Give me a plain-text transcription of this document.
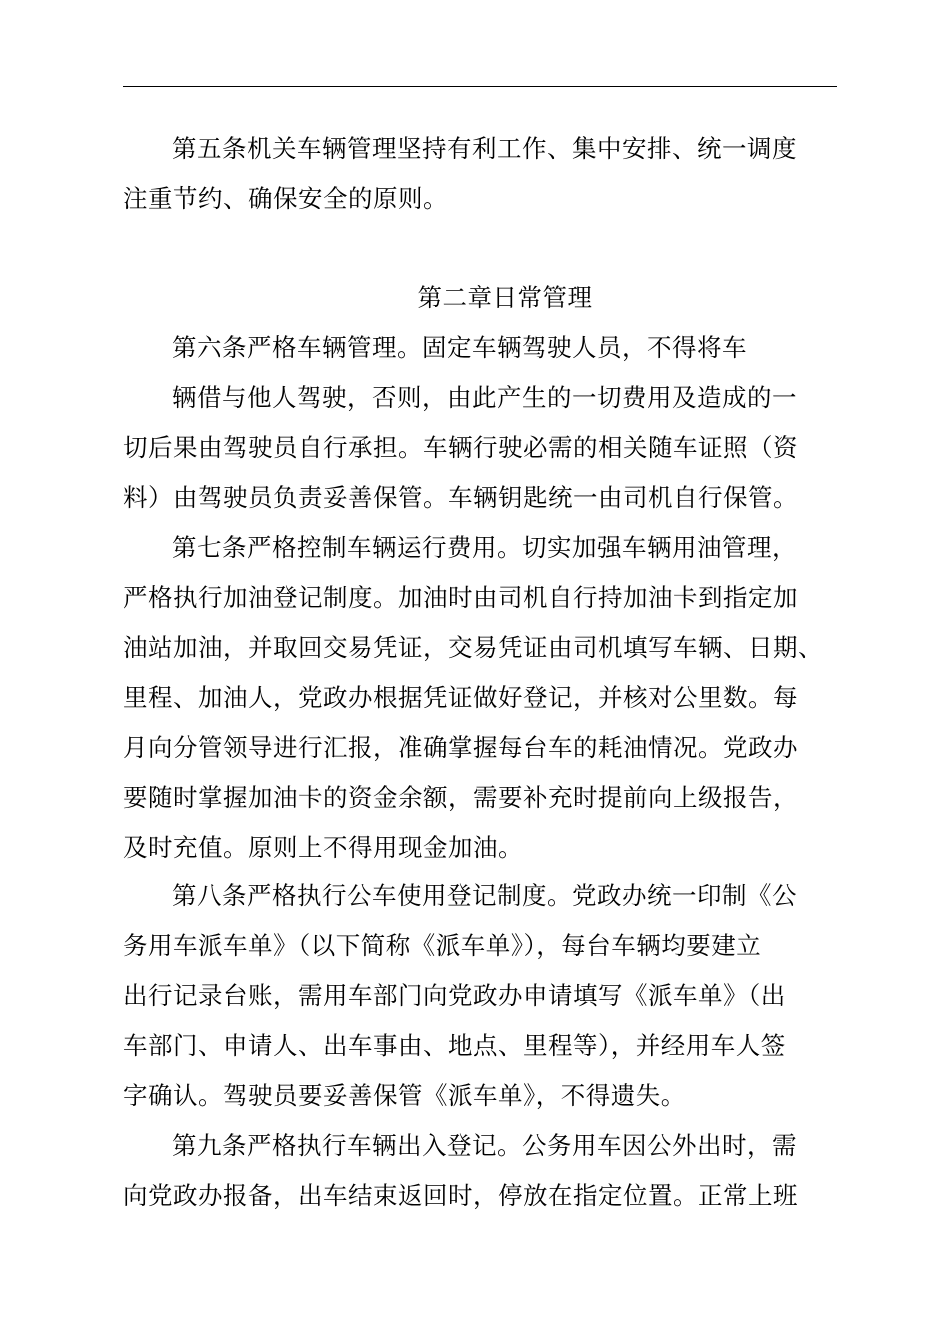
第五条机关车辆管理坚持有利工作、集中安排、统一调度
注重节约、确保安全的原则。
第二章日常管理
第六条严格车辆管理。固定车辆驾驶人员，不得将车
辆借与他人驾驶，否则，由此产生的一切费用及造成的一
切后果由驾驶员自行承担。车辆行驶必需的相关随车证照（资
料）由驾驶员负责妥善保管。车辆钥匙统一由司机自行保管。
第七条严格控制车辆运行费用。切实加强车辆用油管理，
严格执行加油登记制度。加油时由司机自行持加油卡到指定加
油站加油，并取回交易凭证，交易凭证由司机填写车辆、日期、
里程、加油人，党政办根据凭证做好登记，并核对公里数。每
月向分管领导进行汇报，准确掌握每台车的耗油情况。党政办
要随时掌握加油卡的资金余额，需要补充时提前向上级报告，
及时充值。原则上不得用现金加油。
第八条严格执行公车使用登记制度。党政办统一印制《公
务用车派车单》（以下简称《派车单》），每台车辆均要建立
出行记录台账，需用车部门向党政办申请填写《派车单》（出
车部门、申请人、出车事由、地点、里程等），并经用车人签
字确认。驾驶员要妥善保管《派车单》，不得遗失。
第九条严格执行车辆出入登记。公务用车因公外出时，需
向党政办报备，出车结束返回时，停放在指定位置。正常上班
